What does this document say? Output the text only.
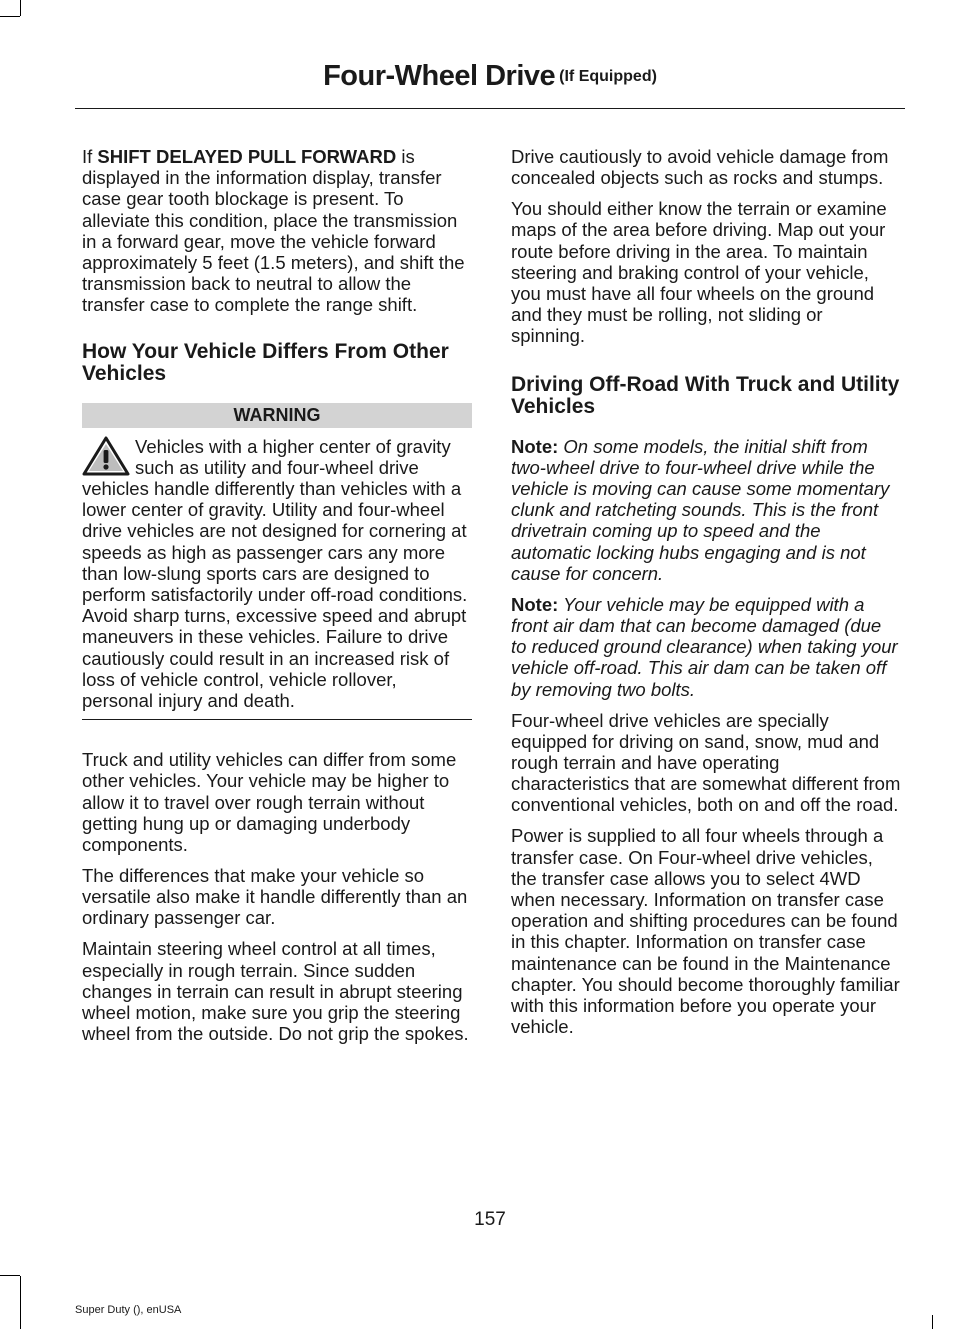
Four-Wheel Drive (If Equipped)

If SHIFT DELAYED PULL FORWARD is displayed in the information display, transfer case gear tooth blockage is present. To alleviate this condition, place the transmission in a forward gear, move the vehicle forward approximately 5 feet (1.5 meters), and shift the transmission back to neutral to allow the transfer case to complete the range shift.

How Your Vehicle Differs From Other Vehicles
WARNING
Vehicles with a higher center of gravity such as utility and four-wheel drive vehicles handle differently than vehicles with a lower center of gravity. Utility and four-wheel drive vehicles are not designed for cornering at speeds as high as passenger cars any more than low-slung sports cars are designed to perform satisfactorily under off-road conditions. Avoid sharp turns, excessive speed and abrupt maneuvers in these vehicles. Failure to drive cautiously could result in an increased risk of loss of vehicle control, vehicle rollover, personal injury and death.

Truck and utility vehicles can differ from some other vehicles. Your vehicle may be higher to allow it to travel over rough terrain without getting hung up or damaging underbody components.

The differences that make your vehicle so versatile also make it handle differently than an ordinary passenger car.

Maintain steering wheel control at all times, especially in rough terrain. Since sudden changes in terrain can result in abrupt steering wheel motion, make sure you grip the steering wheel from the outside. Do not grip the spokes.

Drive cautiously to avoid vehicle damage from concealed objects such as rocks and stumps.

You should either know the terrain or examine maps of the area before driving. Map out your route before driving in the area. To maintain steering and braking control of your vehicle, you must have all four wheels on the ground and they must be rolling, not sliding or spinning.

Driving Off-Road With Truck and Utility Vehicles

Note: On some models, the initial shift from two-wheel drive to four-wheel drive while the vehicle is moving can cause some momentary clunk and ratcheting sounds. This is the front drivetrain coming up to speed and the automatic locking hubs engaging and is not cause for concern.

Note: Your vehicle may be equipped with a front air dam that can become damaged (due to reduced ground clearance) when taking your vehicle off-road. This air dam can be taken off by removing two bolts.

Four-wheel drive vehicles are specially equipped for driving on sand, snow, mud and rough terrain and have operating characteristics that are somewhat different from conventional vehicles, both on and off the road.

Power is supplied to all four wheels through a transfer case. On Four-wheel drive vehicles, the transfer case allows you to select 4WD when necessary. Information on transfer case operation and shifting procedures can be found in this chapter. Information on transfer case maintenance can be found in the Maintenance chapter. You should become thoroughly familiar with this information before you operate your vehicle.

157
Super Duty (), enUSA
